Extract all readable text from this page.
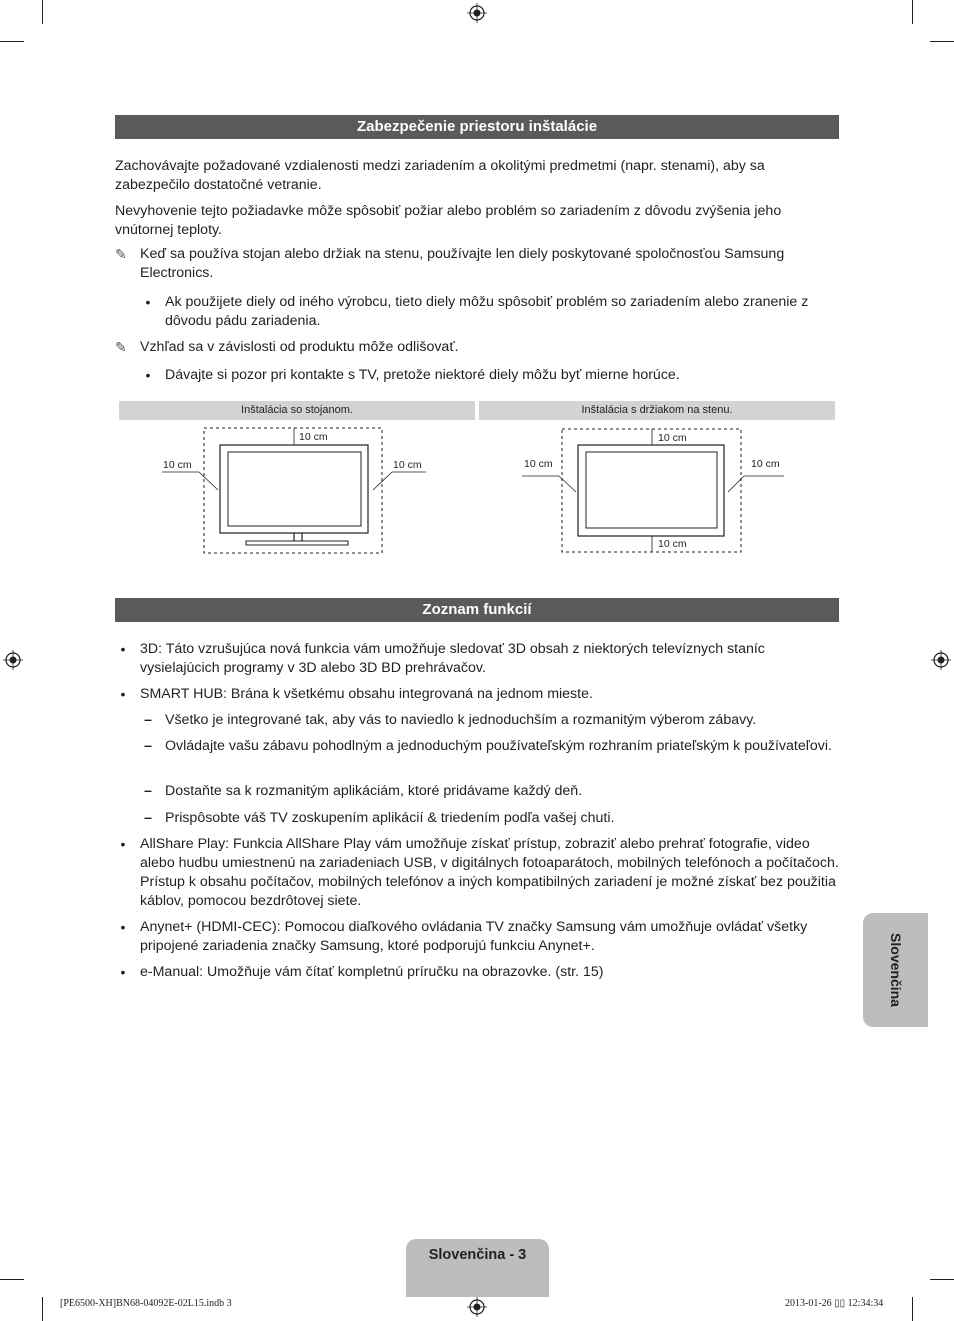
Zabezpečenie priestoru inštalácie

Zachovávajte požadované vzdialenosti medzi zariadením a okolitými predmetmi (napr. stenami), aby sa zabezpečilo dostatočné vetranie.

Nevyhovenie tejto požiadavke môže spôsobiť požiar alebo problém so zariadením z dôvodu zvýšenia jeho vnútornej teploty.

✎ Keď sa používa stojan alebo držiak na stenu, používajte len diely poskytované spoločnosťou Samsung Electronics.
•	Ak použijete diely od iného výrobcu, tieto diely môžu spôsobiť problém so zariadením alebo zranenie z dôvodu pádu zariadenia.
✎ Vzhľad sa v závislosti od produktu môže odlišovať.
•	Dávajte si pozor pri kontakte s TV, pretože niektoré diely môžu byť mierne horúce.
Inštalácia so stojanom.	Inštalácia s držiakom na stenu.
10 cm
10 cm	10 cm
10 cm
10 cm	10 cm
10 cm
Zoznam funkcií
•	3D: Táto vzrušujúca nová funkcia vám umožňuje sledovať 3D obsah z niektorých televíznych staníc vysielajúcich programy v 3D alebo 3D BD prehrávačov.
•	SMART HUB: Brána k všetkému obsahu integrovaná na jednom mieste.
– Všetko je integrované tak, aby vás to naviedlo k jednoduchším a rozmanitým výberom zábavy.
– Ovládajte vašu zábavu pohodlným a jednoduchým používateľským rozhraním priateľským k používateľovi.
– Dostaňte sa k rozmanitým aplikáciám, ktoré pridávame každý deň.
– Prispôsobte váš TV zoskupením aplikácií & triedením podľa vašej chuti.
•	AllShare Play: Funkcia AllShare Play vám umožňuje získať prístup, zobraziť alebo prehrať fotografie, video alebo hudbu umiestnenú na zariadeniach USB, v digitálnych fotoaparátoch, mobilných telefónoch a počítačoch. Prístup k obsahu počítačov, mobilných telefónov a iných kompatibilných zariadení je možné získať bez použitia káblov, pomocou bezdrôtovej siete.
•	Anynet+ (HDMI-CEC): Pomocou diaľkového ovládania TV značky Samsung vám umožňuje ovládať všetky pripojené zariadenia značky Samsung, ktoré podporujú funkciu Anynet+.
•	e-Manual: Umožňuje vám čítať kompletnú príručku na obrazovke. (str. 15)	Slovenčina
Slovenčina - 3
[PE6500-XH]BN68-04092E-02L15.indb 3	2013-01-26 ▯▯ 12:34:34
